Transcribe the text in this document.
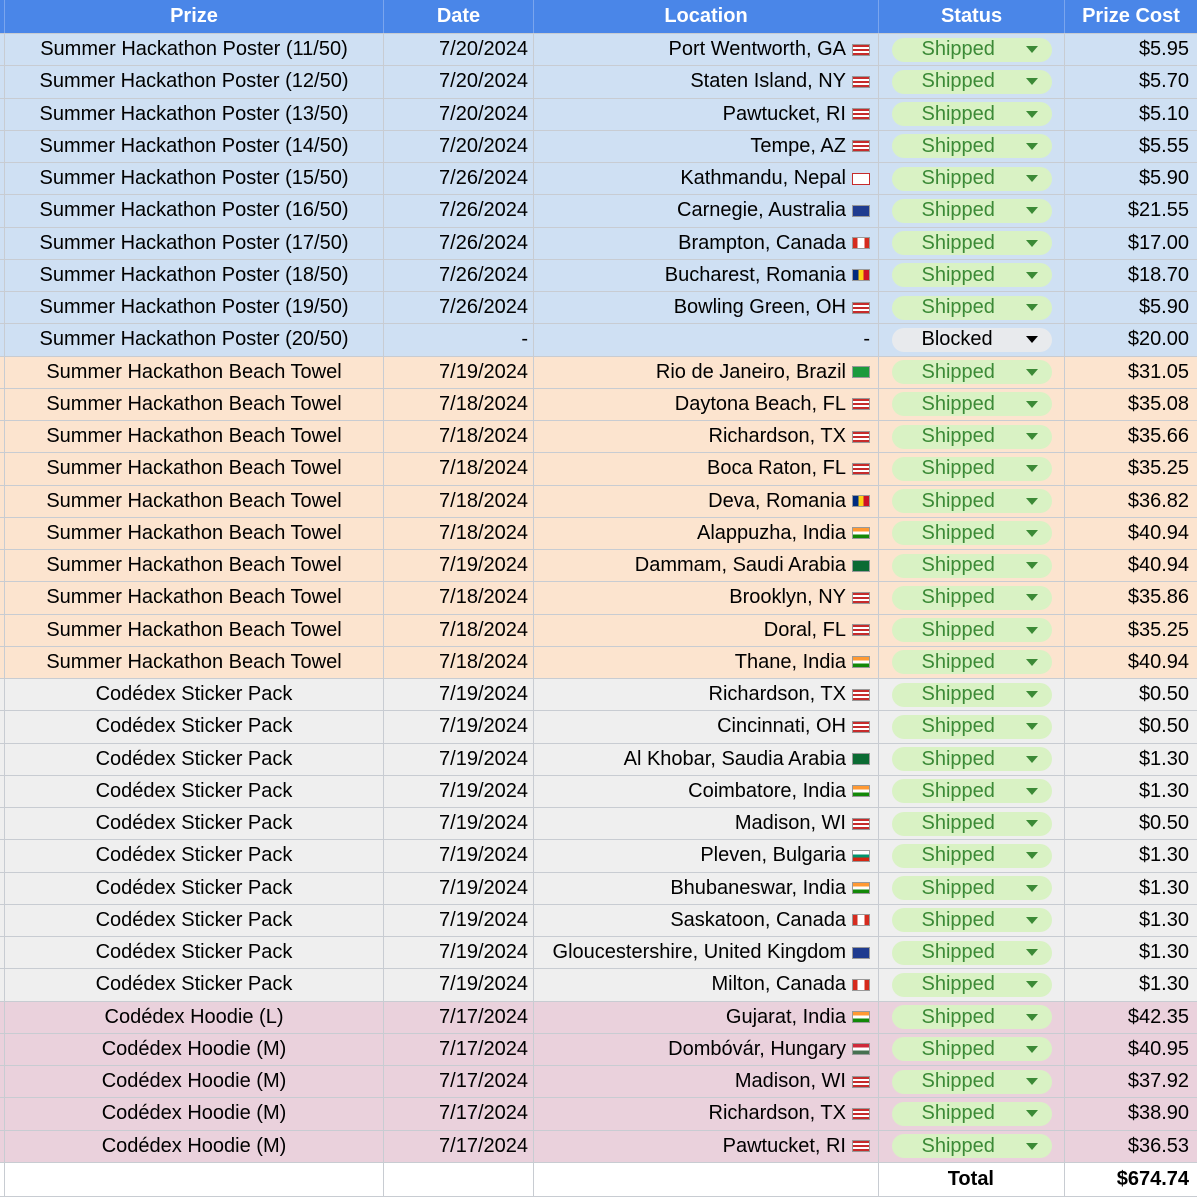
Prize	Date	Location	Status	Prize Cost
Summer Hackathon Poster (11/50)	7/20/2024	Port Wentworth, GA	Shipped	$5.95
Summer Hackathon Poster (12/50)	7/20/2024	Staten Island, NY	Shipped	$5.70
Summer Hackathon Poster (13/50)	7/20/2024	Pawtucket, RI	Shipped	$5.10
Summer Hackathon Poster (14/50)	7/20/2024	Tempe, AZ	Shipped	$5.55
Summer Hackathon Poster (15/50)	7/26/2024	Kathmandu, Nepal	Shipped	$5.90
Summer Hackathon Poster (16/50)	7/26/2024	Carnegie, Australia	Shipped	$21.55
Summer Hackathon Poster (17/50)	7/26/2024	Brampton, Canada	Shipped	$17.00
Summer Hackathon Poster (18/50)	7/26/2024	Bucharest, Romania	Shipped	$18.70
Summer Hackathon Poster (19/50)	7/26/2024	Bowling Green, OH	Shipped	$5.90
Summer Hackathon Poster (20/50)	-	-	Blocked	$20.00
Summer Hackathon Beach Towel	7/19/2024	Rio de Janeiro, Brazil	Shipped	$31.05
Summer Hackathon Beach Towel	7/18/2024	Daytona Beach, FL	Shipped	$35.08
Summer Hackathon Beach Towel	7/18/2024	Richardson, TX	Shipped	$35.66
Summer Hackathon Beach Towel	7/18/2024	Boca Raton, FL	Shipped	$35.25
Summer Hackathon Beach Towel	7/18/2024	Deva, Romania	Shipped	$36.82
Summer Hackathon Beach Towel	7/18/2024	Alappuzha, India	Shipped	$40.94
Summer Hackathon Beach Towel	7/19/2024	Dammam, Saudi Arabia	Shipped	$40.94
Summer Hackathon Beach Towel	7/18/2024	Brooklyn, NY	Shipped	$35.86
Summer Hackathon Beach Towel	7/18/2024	Doral, FL	Shipped	$35.25
Summer Hackathon Beach Towel	7/18/2024	Thane, India	Shipped	$40.94
Codédex Sticker Pack	7/19/2024	Richardson, TX	Shipped	$0.50
Codédex Sticker Pack	7/19/2024	Cincinnati, OH	Shipped	$0.50
Codédex Sticker Pack	7/19/2024	Al Khobar, Saudia Arabia	Shipped	$1.30
Codédex Sticker Pack	7/19/2024	Coimbatore, India	Shipped	$1.30
Codédex Sticker Pack	7/19/2024	Madison, WI	Shipped	$0.50
Codédex Sticker Pack	7/19/2024	Pleven, Bulgaria	Shipped	$1.30
Codédex Sticker Pack	7/19/2024	Bhubaneswar, India	Shipped	$1.30
Codédex Sticker Pack	7/19/2024	Saskatoon, Canada	Shipped	$1.30
Codédex Sticker Pack	7/19/2024 Gloucestershire, United Kingdom	Shipped	$1.30
Codédex Sticker Pack	7/19/2024	Milton, Canada	Shipped	$1.30
Codédex Hoodie (L)	7/17/2024	Gujarat, India	Shipped	$42.35
Codédex Hoodie (M)	7/17/2024	Dombóvár, Hungary	Shipped	$40.95
Codédex Hoodie (M)	7/17/2024	Madison, WI	Shipped	$37.92
Codédex Hoodie (M)	7/17/2024	Richardson, TX	Shipped	$38.90
Codédex Hoodie (M)	7/17/2024	Pawtucket, RI	Shipped	$36.53
Total	$674.74
